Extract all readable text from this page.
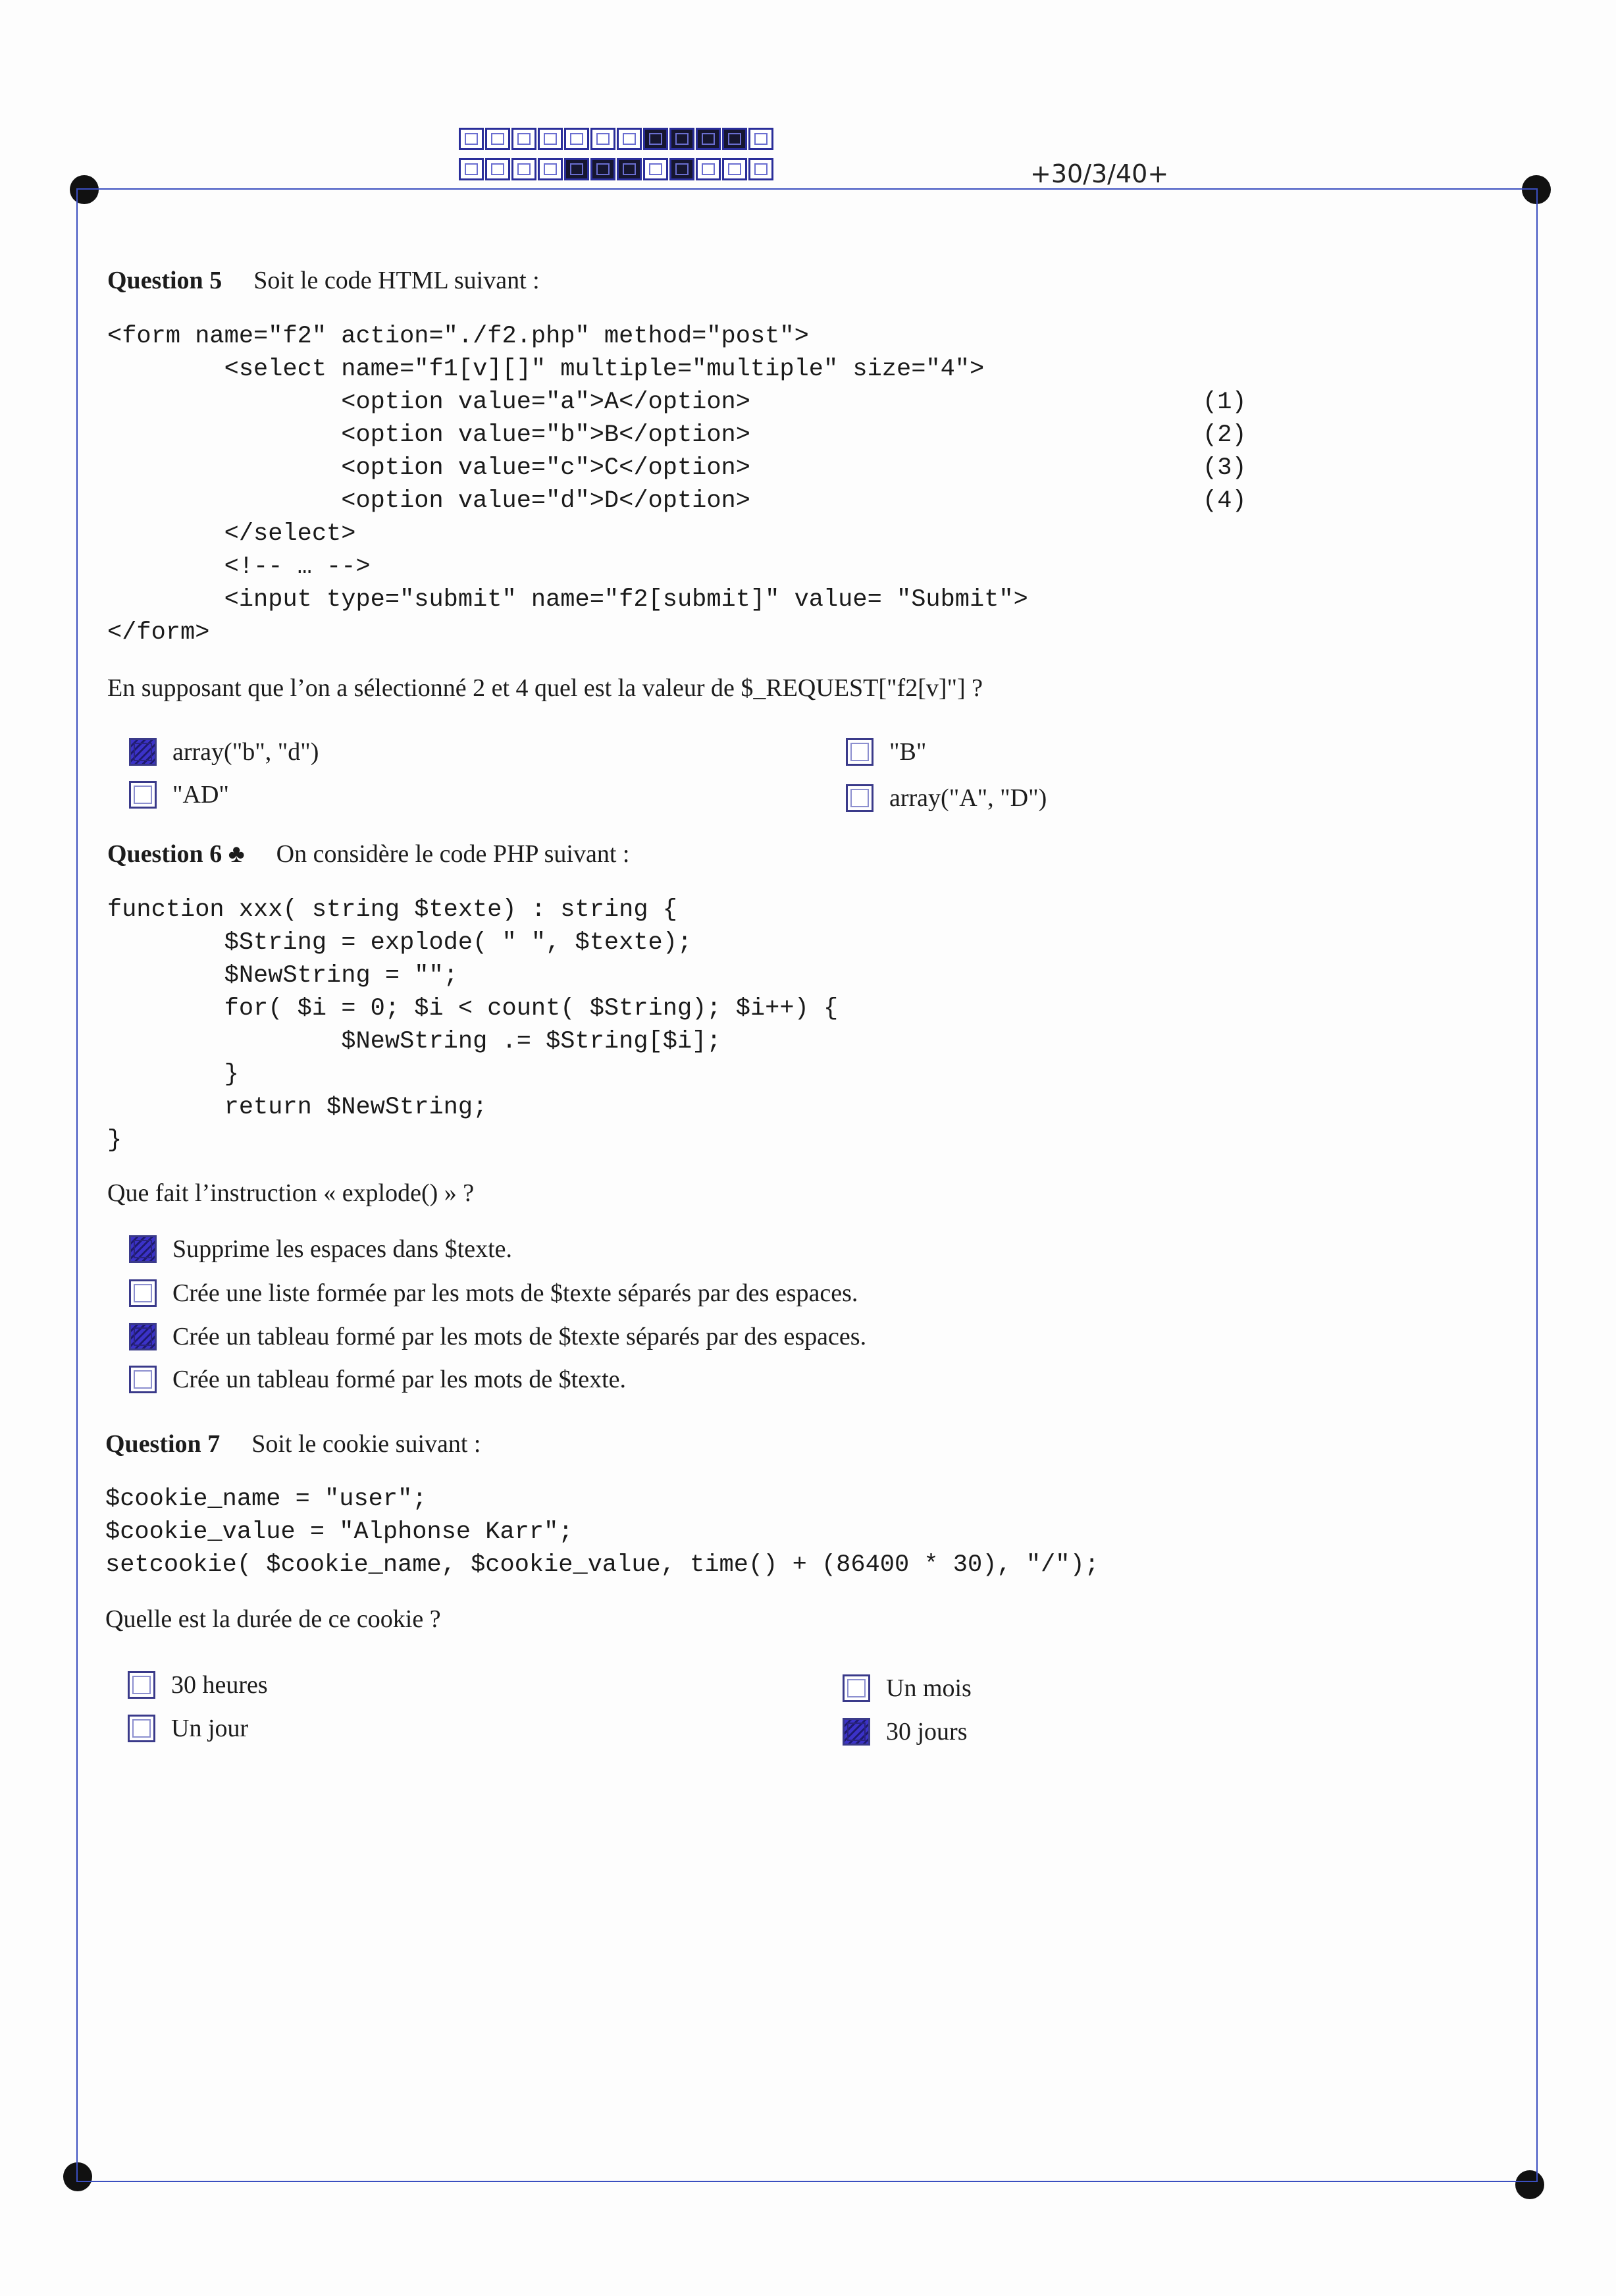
+30/3/40+
Question 5 Soit le code HTML suivant :
<form name="f2" action="./f2.php" method="post">
<select name="f1[v][]" multiple="multiple" size="4">
<option value="a">A</option>
<option value="b">B</option>
<option value="c">C</option>
<option value="d">D</option>
</select>
<!-- … -->
<input type="submit" name="f2[submit]" value= "Submit">
</form>
(1)
(2)
(3)
(4)
En supposant que l’on a sélectionné 2 et 4 quel est la valeur de $_REQUEST["f2[v]"] ?
array("b", "d")
"AD"
"B"
array("A", "D")
Question 6 ♣ On considère le code PHP suivant :
function xxx( string $texte) : string {
$String = explode( " ", $texte);
$NewString = "";
for( $i = 0; $i < count( $String); $i++) {
$NewString .= $String[$i];
}
return $NewString;
}
Que fait l’instruction « explode() » ?
Supprime les espaces dans $texte.
Crée une liste formée par les mots de $texte séparés par des espaces.
Crée un tableau formé par les mots de $texte séparés par des espaces.
Crée un tableau formé par les mots de $texte.
Question 7 Soit le cookie suivant :
$cookie_name = "user";
$cookie_value = "Alphonse Karr";
setcookie( $cookie_name, $cookie_value, time() + (86400 * 30), "/");
Quelle est la durée de ce cookie ?
30 heures
Un jour
Un mois
30 jours
